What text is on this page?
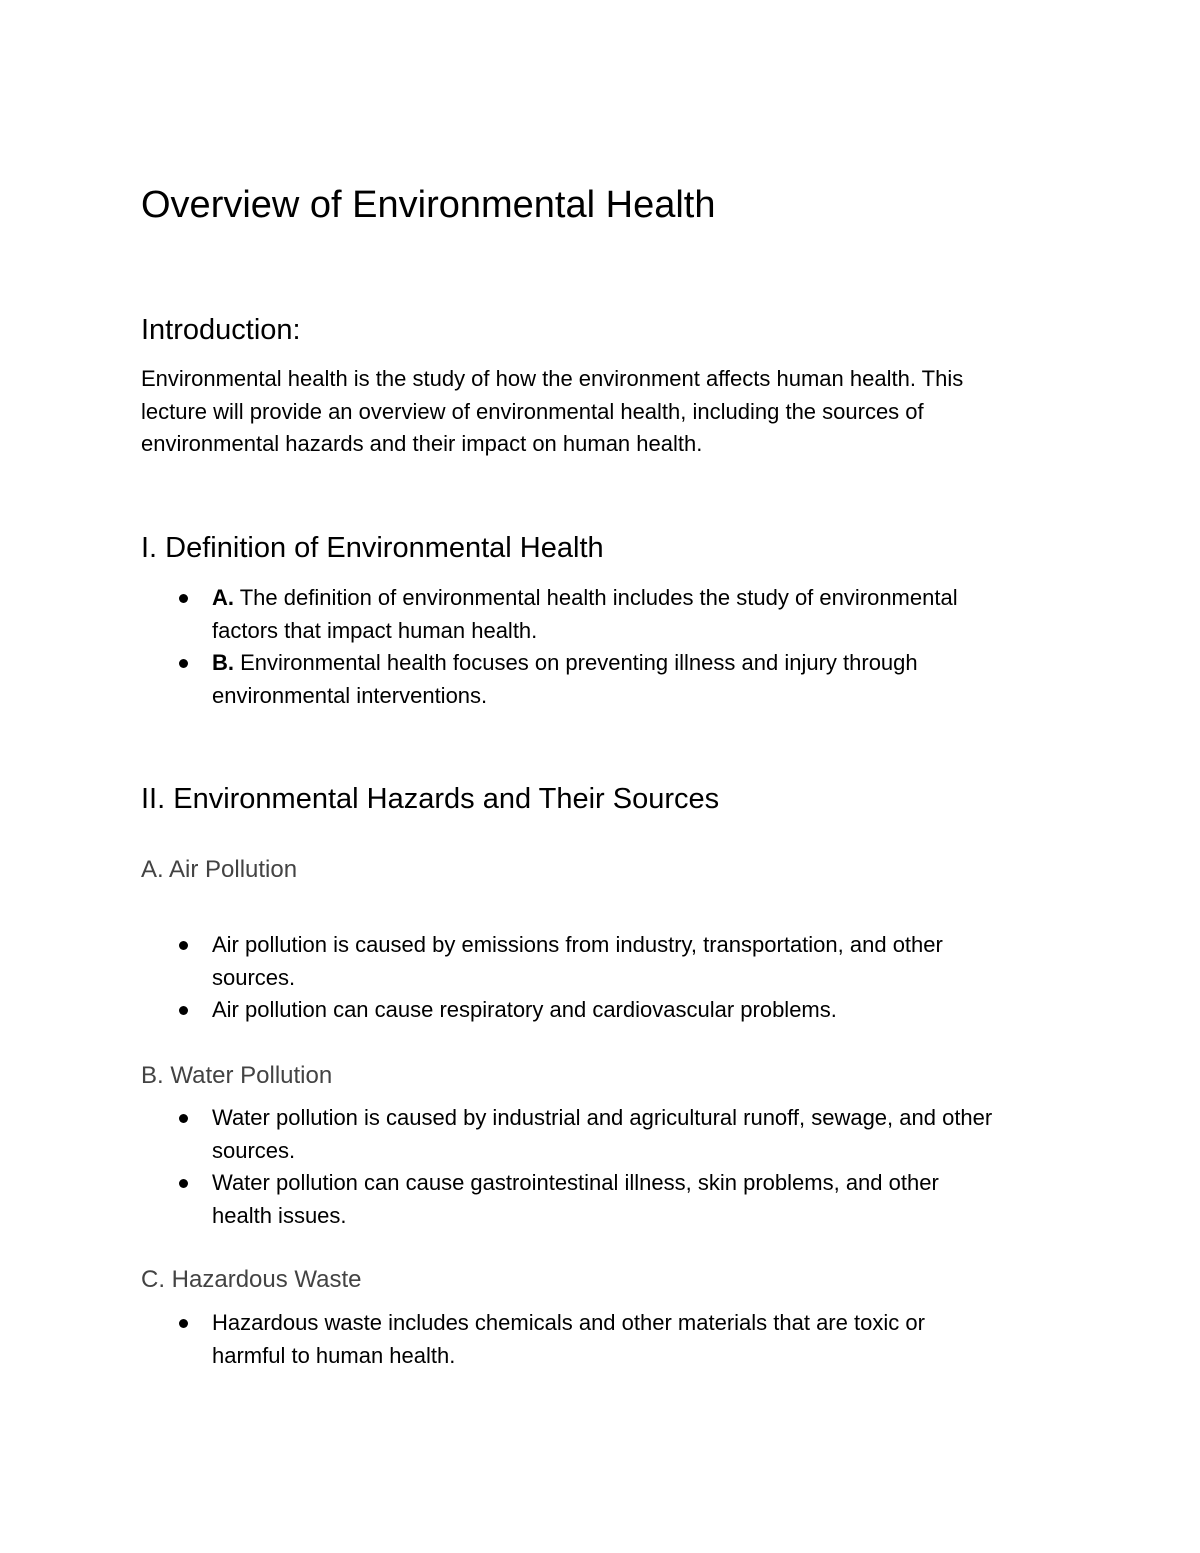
Overview of Environmental Health
Introduction:

Environmental health is the study of how the environment affects human health. This
lecture will provide an overview of environmental health, including the sources of
environmental hazards and their impact on human health.

I. Definition of Environmental Health
A. The definition of environmental health includes the study of environmental
factors that impact human health.
B. Environmental health focuses on preventing illness and injury through
environmental interventions.
II. Environmental Hazards and Their Sources
A. Air Pollution
Air pollution is caused by emissions from industry, transportation, and other
sources.
Air pollution can cause respiratory and cardiovascular problems.
B. Water Pollution
Water pollution is caused by industrial and agricultural runoff, sewage, and other
sources.
Water pollution can cause gastrointestinal illness, skin problems, and other
health issues.
C. Hazardous Waste
Hazardous waste includes chemicals and other materials that are toxic or
harmful to human health.
